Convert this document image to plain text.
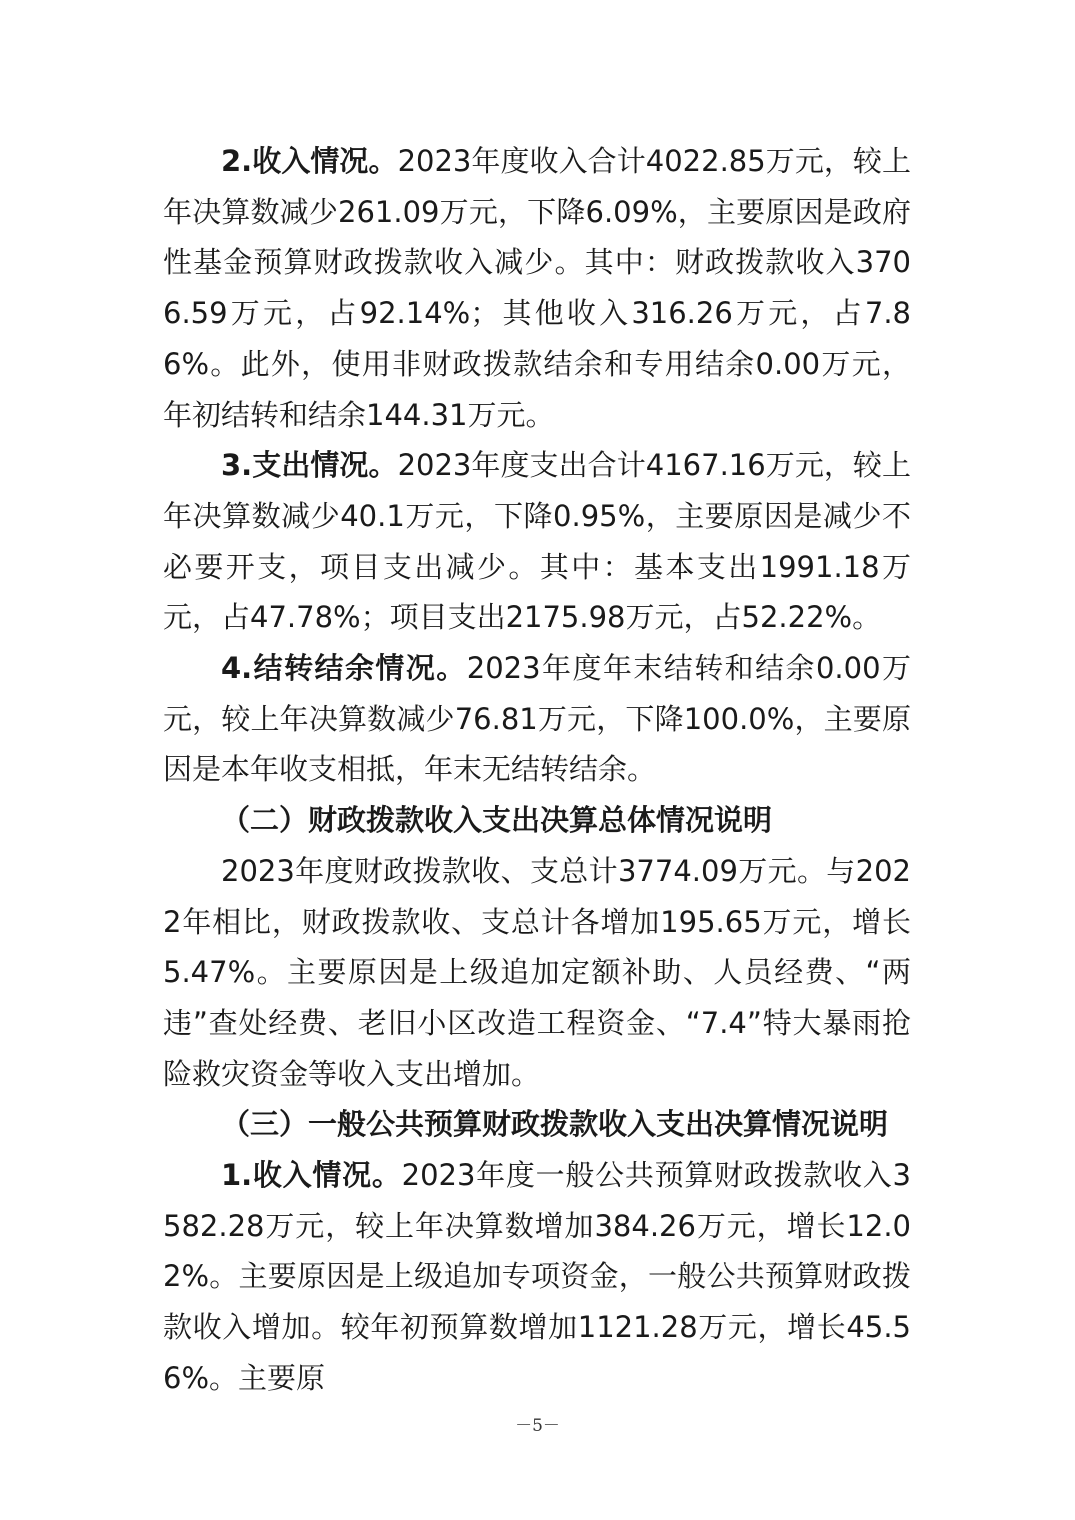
2.收入情况。2023年度收入合计4022.85万元，较上年决算数减少261.09万元，下降6.09%，主要原因是政府性基金预算财政拨款收入减少。其中：财政拨款收入3706.59万元，占92.14%；其他收入316.26万元，占7.86%。此外，使用非财政拨款结余和专用结余0.00万元，年初结转和结余144.31万元。

3.支出情况。2023年度支出合计4167.16万元，较上年决算数减少40.1万元，下降0.95%，主要原因是减少不必要开支，项目支出减少。其中：基本支出1991.18万元，占47.78%；项目支出2175.98万元，占52.22%。

4.结转结余情况。2023年度年末结转和结余0.00万元，较上年决算数减少76.81万元，下降100.0%，主要原因是本年收支相抵，年末无结转结余。

（二）财政拨款收入支出决算总体情况说明

2023年度财政拨款收、支总计3774.09万元。与2022年相比，财政拨款收、支总计各增加195.65万元，增长5.47%。主要原因是上级追加定额补助、人员经费、“两违”查处经费、老旧小区改造工程资金、“7.4”特大暴雨抢险救灾资金等收入支出增加。

（三）一般公共预算财政拨款收入支出决算情况说明

1.收入情况。2023年度一般公共预算财政拨款收入3582.28万元，较上年决算数增加384.26万元，增长12.02%。主要原因是上级追加专项资金，一般公共预算财政拨款收入增加。较年初预算数增加1121.28万元，增长45.56%。主要原

－5－
